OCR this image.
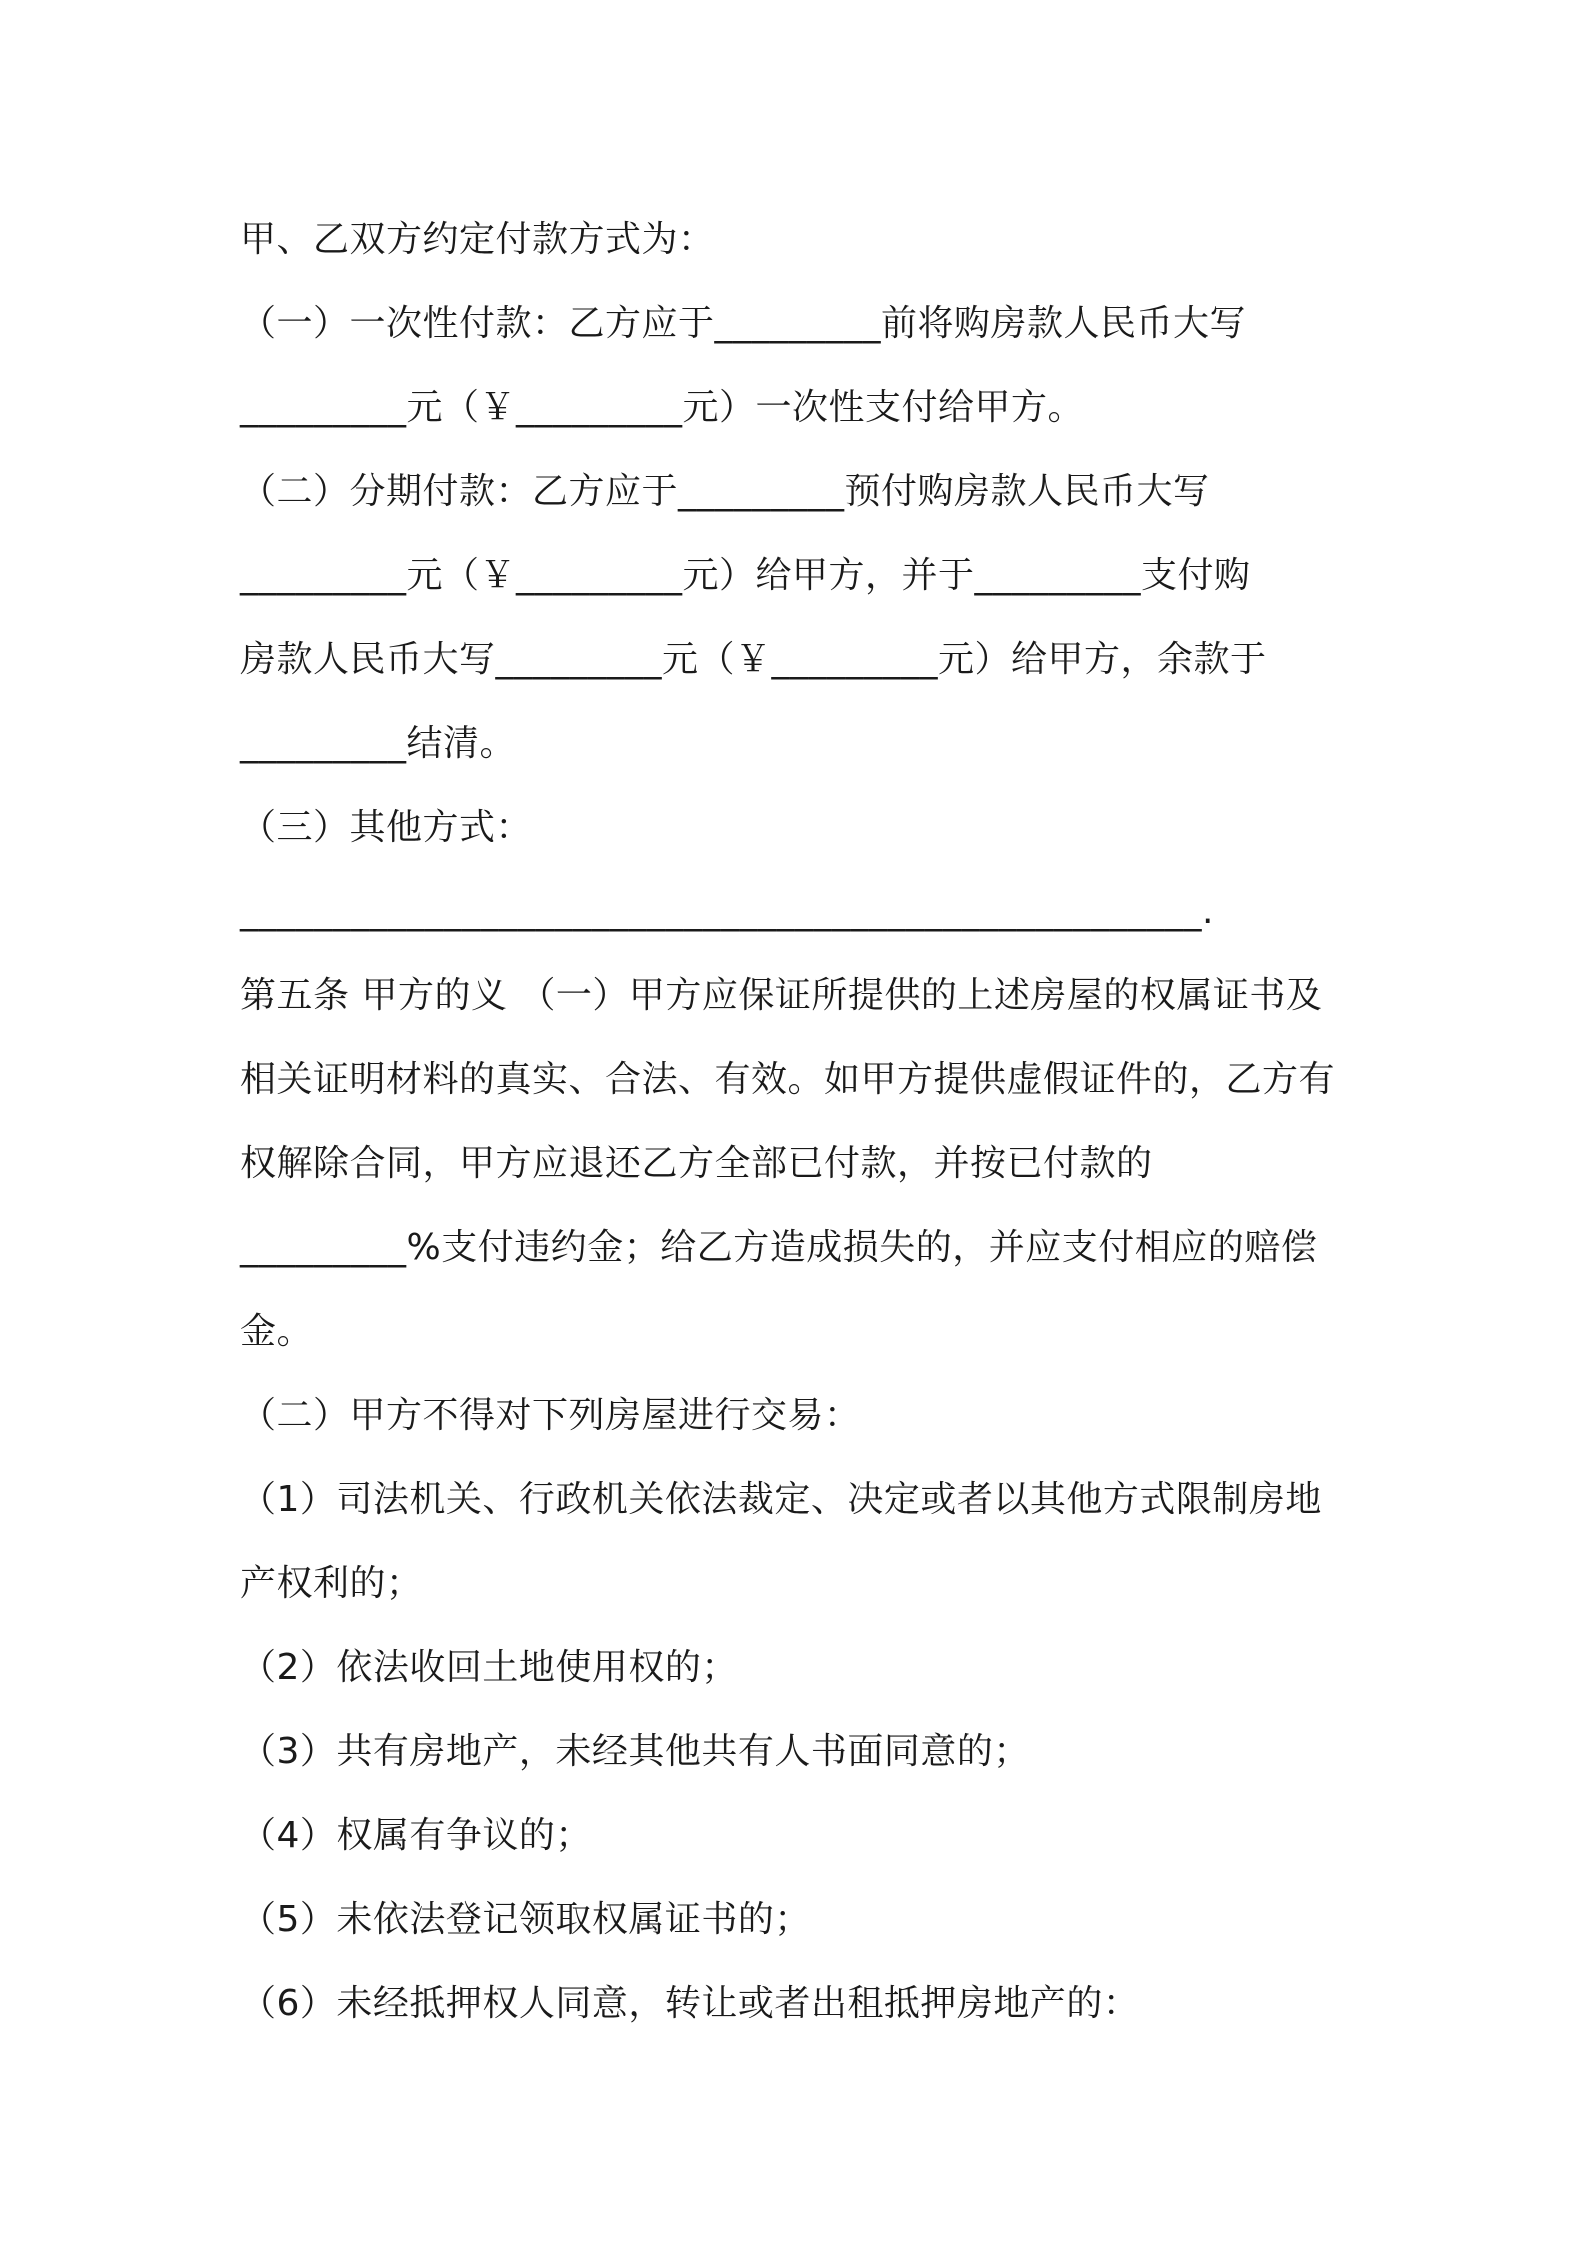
甲、乙双方约定付款方式为：
（一）一次性付款：乙方应于_________前将购房款人民币大写
_________元（￥_________元）一次性支付给甲方。
（二）分期付款：乙方应于_________预付购房款人民币大写
_________元（￥_________元）给甲方，并于_________支付购
房款人民币大写_________元（￥_________元）给甲方，余款于
_________结清。
（三）其他方式：
____________________________________________________.
第五条 甲方的义 （一）甲方应保证所提供的上述房屋的权属证书及
相关证明材料的真实、合法、有效。如甲方提供虚假证件的，乙方有
权解除合同，甲方应退还乙方全部已付款，并按已付款的
_________%支付违约金；给乙方造成损失的，并应支付相应的赔偿
金。
（二）甲方不得对下列房屋进行交易：
（1）司法机关、行政机关依法裁定、决定或者以其他方式限制房地
产权利的；
（2）依法收回土地使用权的；
（3）共有房地产，未经其他共有人书面同意的；
（4）权属有争议的；
（5）未依法登记领取权属证书的；
（6）未经抵押权人同意，转让或者出租抵押房地产的：
